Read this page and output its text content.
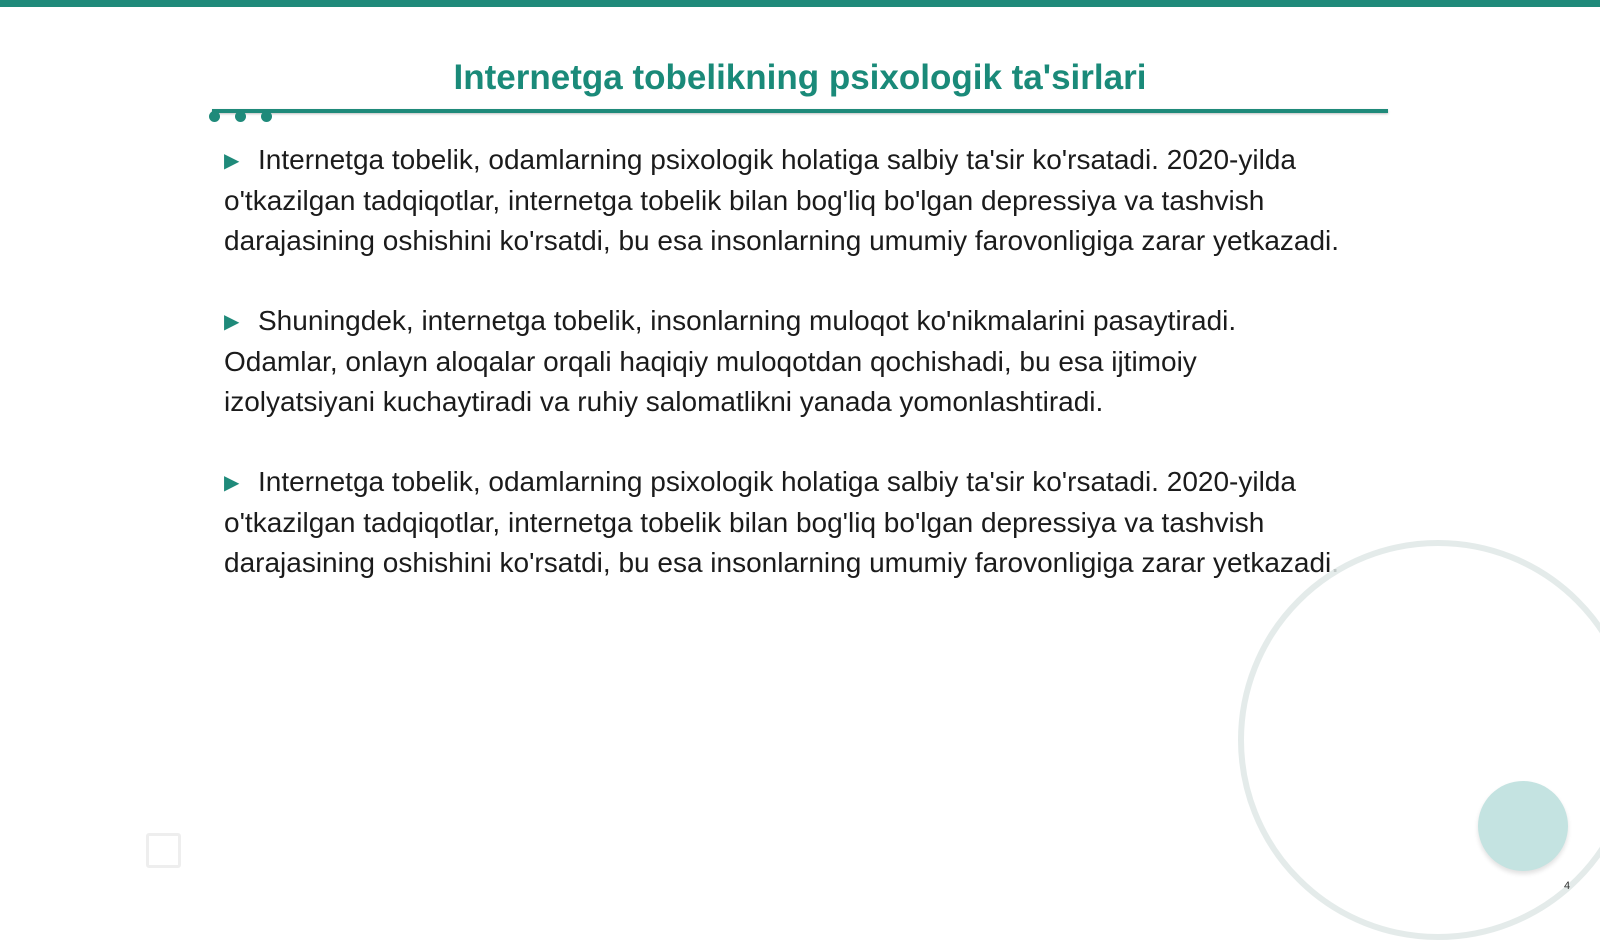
Internetga tobelikning psixologik ta'sirlari

▶ Internetga tobelik, odamlarning psixologik holatiga salbiy ta'sir ko'rsatadi. 2020-yilda o'tkazilgan tadqiqotlar, internetga tobelik bilan bog'liq bo'lgan depressiya va tashvish darajasining oshishini ko'rsatdi, bu esa insonlarning umumiy farovonligiga zarar yetkazadi.

▶ Shuningdek, internetga tobelik, insonlarning muloqot ko'nikmalarini pasaytiradi. Odamlar, onlayn aloqalar orqali haqiqiy muloqotdan qochishadi, bu esa ijtimoiy izolyatsiyani kuchaytiradi va ruhiy salomatlikni yanada yomonlashtiradi.

▶ Internetga tobelik, odamlarning psixologik holatiga salbiy ta'sir ko'rsatadi. 2020-yilda o'tkazilgan tadqiqotlar, internetga tobelik bilan bog'liq bo'lgan depressiya va tashvish darajasining oshishini ko'rsatdi, bu esa insonlarning umumiy farovonligiga zarar yetkazadi.

4
